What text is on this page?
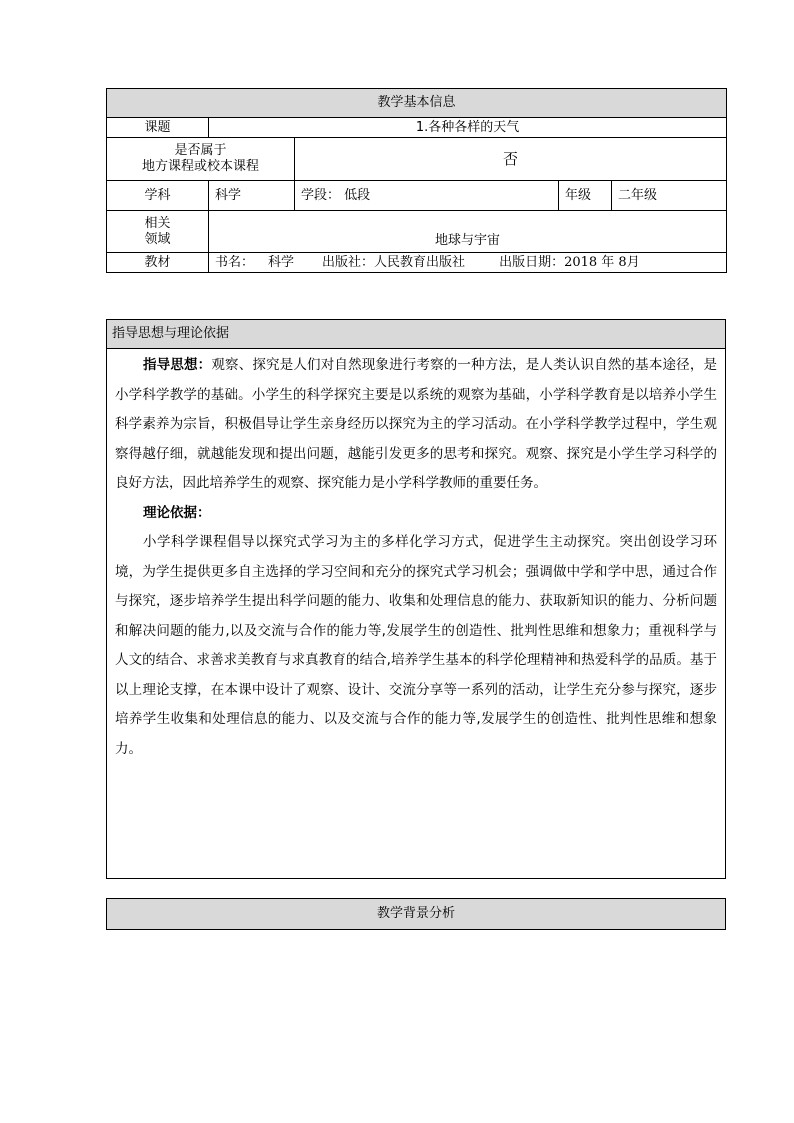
教学基本信息				
课题	1.各种各样的天气			

是否属于
地方课程或校本课程		否		
学科	科学	学段： 低段	年级	二年级

相关
领域	地球与宇宙			
教材	书名： 科学 出版社：人民教育出版社 出版日期：2018 年 8月			
指导思想与理论依据

指导思想：观察、探究是人们对自然现象进行考察的一种方法，是人类认识自然的基本途径，是小学科学教学的基础。小学生的科学探究主要是以系统的观察为基础，小学科学教育是以培养小学生科学素养为宗旨，积极倡导让学生亲身经历以探究为主的学习活动。在小学科学教学过程中，学生观察得越仔细，就越能发现和提出问题，越能引发更多的思考和探究。观察、探究是小学生学习科学的良好方法，因此培养学生的观察、探究能力是小学科学教师的重要任务。

理论依据：

小学科学课程倡导以探究式学习为主的多样化学习方式，促进学生主动探究。突出创设学习环境，为学生提供更多自主选择的学习空间和充分的探究式学习机会；强调做中学和学中思，通过合作与探究，逐步培养学生提出科学问题的能力、收集和处理信息的能力、获取新知识的能力、分析问题和解决问题的能力,以及交流与合作的能力等,发展学生的创造性、批判性思维和想象力；重视科学与人文的结合、求善求美教育与求真教育的结合,培养学生基本的科学伦理精神和热爱科学的品质。基于以上理论支撑，在本课中设计了观察、设计、交流分享等一系列的活动，让学生充分参与探究，逐步培养学生收集和处理信息的能力、以及交流与合作的能力等,发展学生的创造性、批判性思维和想象力。

教学背景分析
